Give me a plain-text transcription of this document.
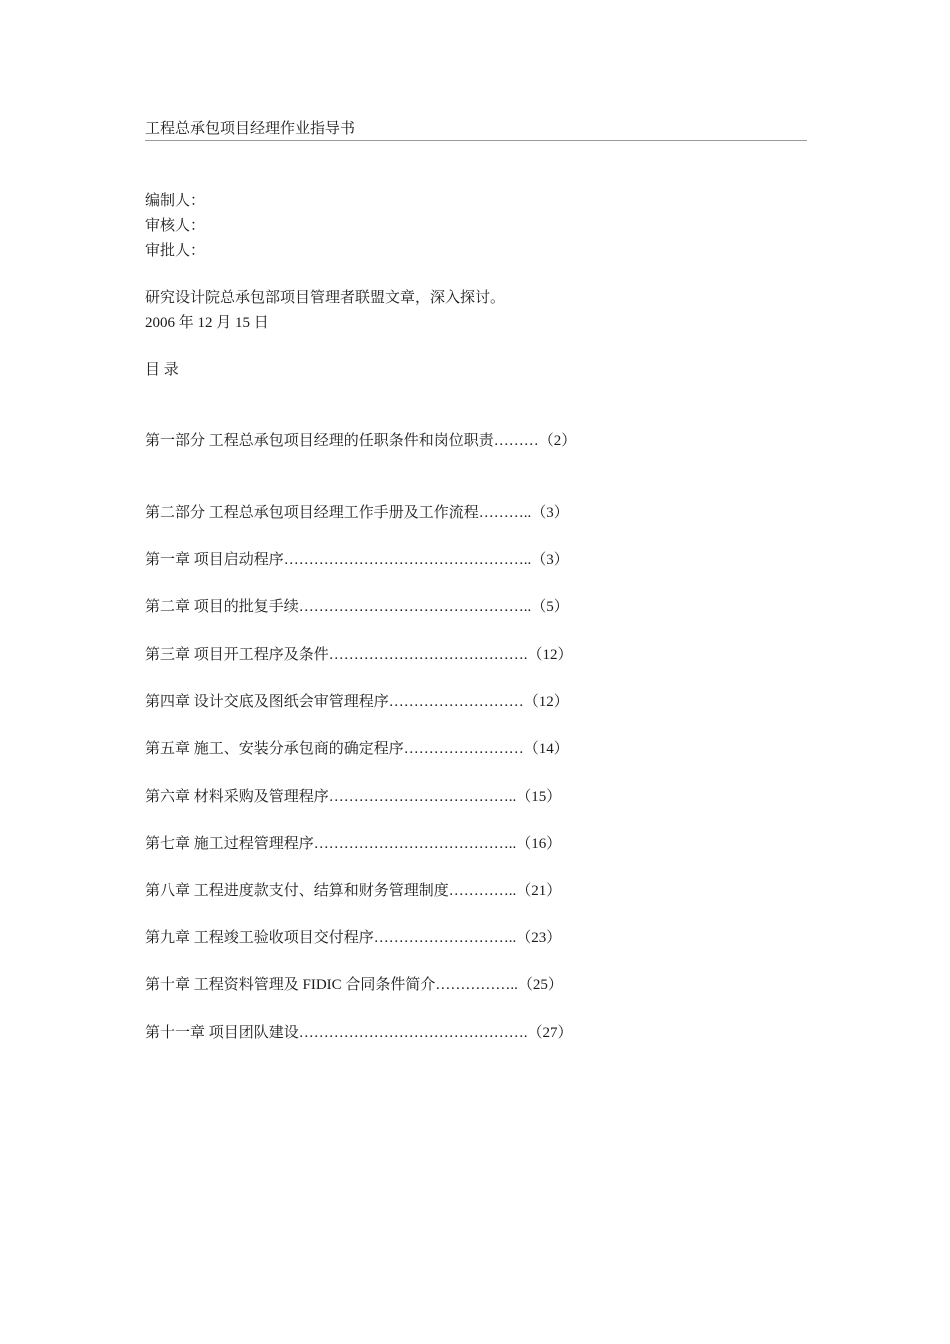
工程总承包项目经理作业指导书
编制人：
审核人：
审批人：
研究设计院总承包部项目管理者联盟文章，深入探讨。
2006 年 12 月 15 日
目 录
第一部分 工程总承包项目经理的任职条件和岗位职责………（2）
第二部分 工程总承包项目经理工作手册及工作流程………..（3）
第一章 项目启动程序…………………………………………..（3）
第二章 项目的批复手续………………………………………..（5）
第三章 项目开工程序及条件………………………………….（12）
第四章 设计交底及图纸会审管理程序………………………（12）
第五章 施工、安装分承包商的确定程序……………………（14）
第六章 材料采购及管理程序………………………………..（15）
第七章 施工过程管理程序…………………………………..（16）
第八章 工程进度款支付、结算和财务管理制度…………..（21）
第九章 工程竣工验收项目交付程序………………………..（23）
第十章 工程资料管理及 FIDIC 合同条件简介……………..（25）
第十一章 项目团队建设……………………………………….（27）
